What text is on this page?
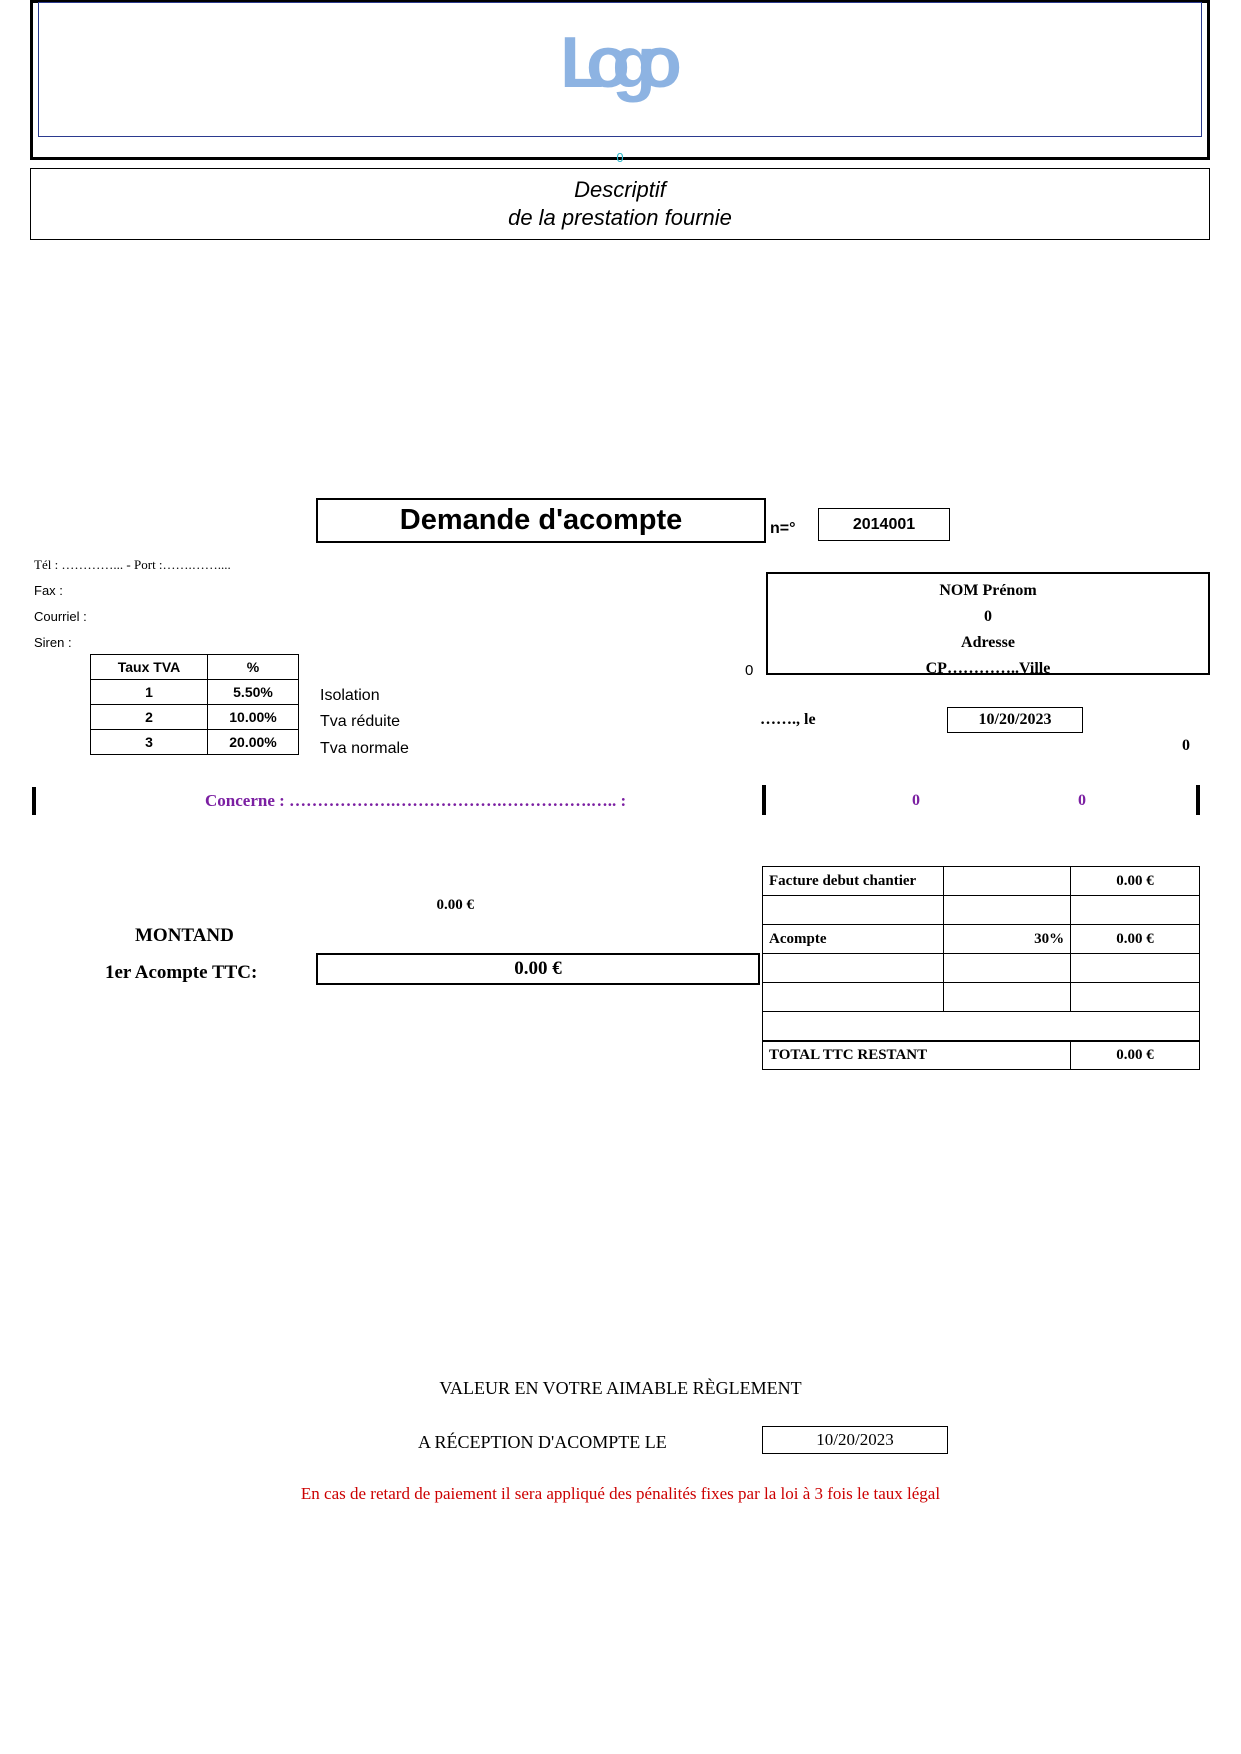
Logo
0
Descriptif
de la prestation fournie
Demande d'acompte	n=°	2014001
Tél : …………... - Port :…….……....
Fax :
Courriel :
Siren :
Taux TVA	%
1	5.50%
2	10.00%
3	20.00%
Isolation
Tva réduite
Tva normale
0
NOM Prénom
0
Adresse
CP…………..Ville
……., le	10/20/2023
0
Concerne : ……………….……………….…………….….. :	0	0
0.00 €
MONTAND
1er Acompte TTC:	0.00 €
Facture debut chantier		0.00 €

Acompte	30%	0.00 €

TOTAL TTC RESTANT		0.00 €
VALEUR EN VOTRE AIMABLE RÈGLEMENT
A RÉCEPTION D'ACOMPTE LE	10/20/2023
En cas de retard de paiement il sera appliqué des pénalités fixes par la loi à 3 fois le taux légal
